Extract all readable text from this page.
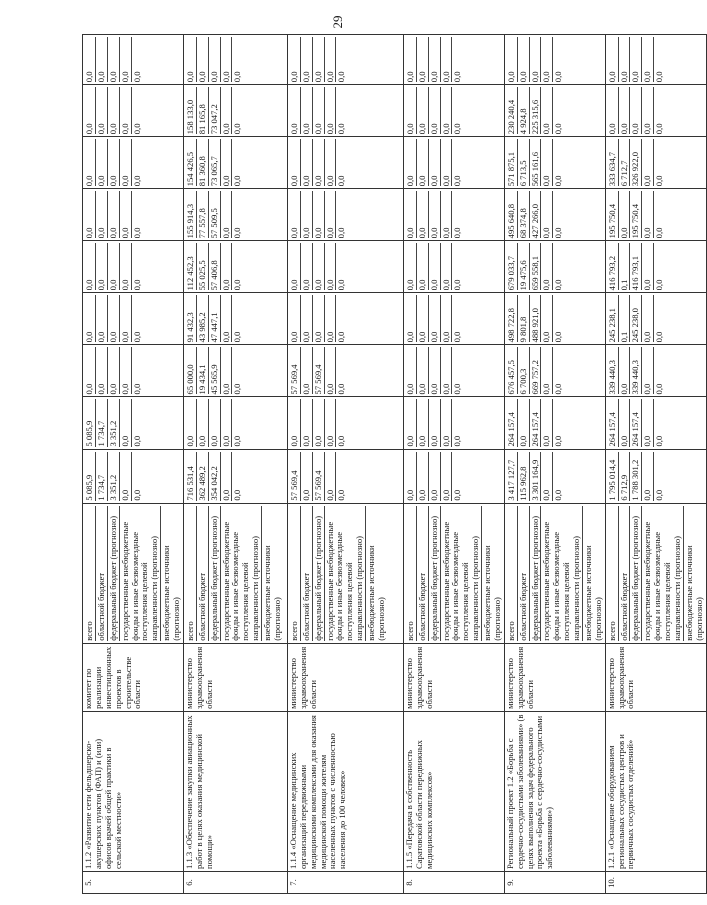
29
5.	1.1.2 «Развитие сети фельдшерско-акушерских пунктов (ФАП) и (или) офисов врачей общей практики в сельской местности»	комитет по реализации инвестиционных проектов в строительстве области	всего областной бюджет федеральный бюджет (прогнозно) государственные внебюджетные фонды и иные безвозмездные поступления целевой направленности (прогнозно) внебюджетные источники (прогнозно)	5 085,9 1 734,7 3 351,2 0,0 0,0	5 085,9 1 734,7 3 351,2 0,0 0,0	0,0 0,0 0,0 0,0 0,0	0,0 0,0 0,0 0,0 0,0	0,0 0,0 0,0 0,0 0,0	0,0 0,0 0,0 0,0 0,0	0,0 0,0 0,0 0,0 0,0	0,0 0,0 0,0 0,0 0,0	0,0 0,0 0,0 0,0 0,0

6.	1.1.3 «Обеспечение закупки авиационных работ в целях оказания медицинской помощи»	министерство здравоохранения области	всего областной бюджет федеральный бюджет (прогнозно) государственные внебюджетные фонды и иные безвозмездные поступления целевой направленности (прогнозно) внебюджетные источники (прогнозно)	716 531,4 362 489,2 354 042,2 0,0 0,0	0,0 0,0 0,0 0,0 0,0	65 000,0 19 434,1 45 565,9 0,0 0,0	91 432,3 43 985,2 47 447,1 0,0 0,0	112 452,3 55 025,5 57 406,8 0,0 0,0	155 914,3 77 557,8 57 509,5 0,0 0,0	154 426,5 81 360,8 73 065,7 0,0 0,0	158 133,0 81 165,8 73 047,2 0,0 0,0	0,0 0,0 0,0 0,0 0,0

7.	1.1.4 «Оснащение медицинских организаций передвижными медицинскими комплексами для оказания медицинской помощи жителям населенных пунктов с численностью населения до 100 человек»	министерство здравоохранения области	всего областной бюджет федеральный бюджет (прогнозно) государственные внебюджетные фонды и иные безвозмездные поступления целевой направленности (прогнозно) внебюджетные источники (прогнозно)	57 569,4 0,0 57 569,4 0,0 0,0	0,0 0,0 0,0 0,0 0,0	57 569,4 0,0 57 569,4 0,0 0,0	0,0 0,0 0,0 0,0 0,0	0,0 0,0 0,0 0,0 0,0	0,0 0,0 0,0 0,0 0,0	0,0 0,0 0,0 0,0 0,0	0,0 0,0 0,0 0,0 0,0	0,0 0,0 0,0 0,0 0,0

8.	1.1.5 «Передача в собственность Саратовской области передвижных медицинских комплексов»	министерство здравоохранения области	всего областной бюджет федеральный бюджет (прогнозно) государственные внебюджетные фонды и иные безвозмездные поступления целевой направленности (прогнозно) внебюджетные источники (прогнозно)	0,0 0,0 0,0 0,0 0,0	0,0 0,0 0,0 0,0 0,0	0,0 0,0 0,0 0,0 0,0	0,0 0,0 0,0 0,0 0,0	0,0 0,0 0,0 0,0 0,0	0,0 0,0 0,0 0,0 0,0	0,0 0,0 0,0 0,0 0,0	0,0 0,0 0,0 0,0 0,0	0,0 0,0 0,0 0,0 0,0

9.	Региональный проект 1.2 «Борьба с сердечно-сосудистыми заболеваниями» (в целях выполнения задач федерального проекта «Борьба с сердечно-сосудистыми заболеваниями»)	министерство здравоохранения области	всего областной бюджет федеральный бюджет (прогнозно) государственные внебюджетные фонды и иные безвозмездные поступления целевой направленности (прогнозно) внебюджетные источники (прогнозно)	3 417 127,7 115 962,8 3 301 164,9 0,0 0,0	264 157,4 0,0 264 157,4 0,0 0,0	676 457,5 6 700,3 669 757,2 0,0 0,0	498 722,8 9 801,8 488 921,0 0,0 0,0	679 033,7 19 475,6 659 558,1 0,0 0,0	495 640,8 68 374,8 427 266,0 0,0 0,0	571 875,1 6 713,5 565 161,6 0,0 0,0	230 240,4 4 924,8 225 315,6 0,0 0,0	0,0 0,0 0,0 0,0 0,0

10.	1.2.1 «Оснащение оборудованием региональных сосудистых центров и первичных сосудистых отделений»	министерство здравоохранения области	всего областной бюджет федеральный бюджет (прогнозно) государственные внебюджетные фонды и иные безвозмездные поступления целевой направленности (прогнозно) внебюджетные источники (прогнозно)	1 795 014,4 6 712,9 1 788 301,2 0,0 0,0	264 157,4 0,0 264 157,4 0,0 0,0	339 440,3 0,0 339 440,3 0,0 0,0	245 238,1 0,1 245 238,0 0,0 0,0	416 793,2 0,1 416 793,1 0,0 0,0	195 750,4 0,0 195 750,4 0,0 0,0	333 634,7 6 712,7 326 922,0 0,0 0,0	0,0 0,0 0,0 0,0 0,0	0,0 0,0 0,0 0,0 0,0
